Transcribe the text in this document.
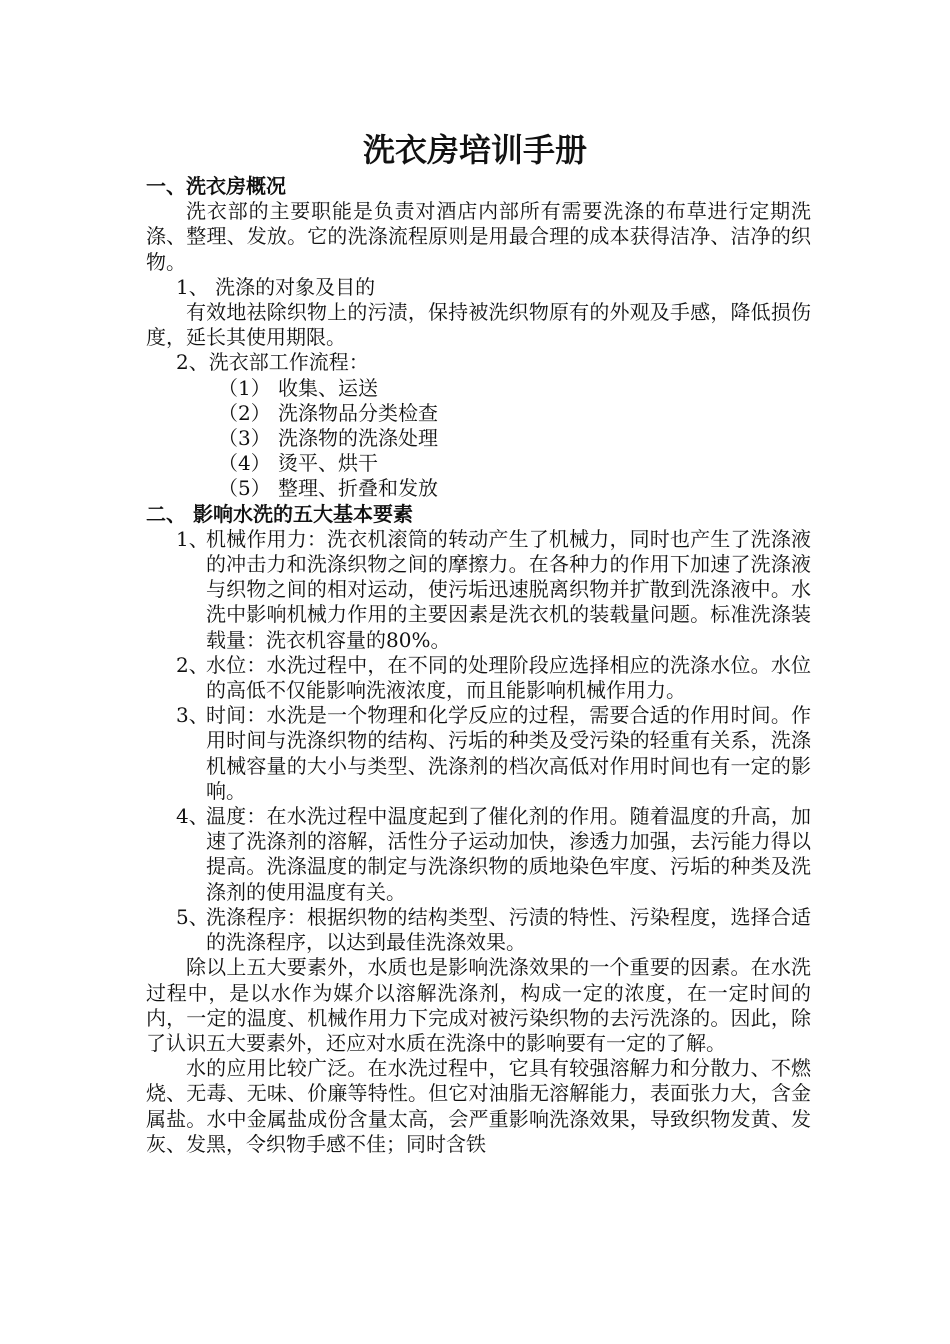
洗衣房培训手册
一、洗衣房概况

洗衣部的主要职能是负责对酒店内部所有需要洗涤的布草进行定期洗涤、整理、发放。它的洗涤流程原则是用最合理的成本获得洁净、洁净的织物。

1、 洗涤的对象及目的

有效地祛除织物上的污渍，保持被洗织物原有的外观及手感，降低损伤度，延长其使用期限。

2、洗衣部工作流程：
（1） 收集、运送
（2） 洗涤物品分类检查
（3） 洗涤物的洗涤处理
（4） 烫平、烘干
（5） 整理、折叠和发放
二、 影响水洗的五大基本要素
1、
机械作用力：洗衣机滚筒的转动产生了机械力，同时也产生了洗涤液的冲击力和洗涤织物之间的摩擦力。在各种力的作用下加速了洗涤液与织物之间的相对运动，使污垢迅速脱离织物并扩散到洗涤液中。水洗中影响机械力作用的主要因素是洗衣机的装载量问题。标准洗涤装载量：洗衣机容量的80%。
2、
水位：水洗过程中，在不同的处理阶段应选择相应的洗涤水位。水位的高低不仅能影响洗液浓度，而且能影响机械作用力。
3、
时间：水洗是一个物理和化学反应的过程，需要合适的作用时间。作用时间与洗涤织物的结构、污垢的种类及受污染的轻重有关系，洗涤机械容量的大小与类型、洗涤剂的档次高低对作用时间也有一定的影响。
4、
温度：在水洗过程中温度起到了催化剂的作用。随着温度的升高，加速了洗涤剂的溶解，活性分子运动加快，渗透力加强，去污能力得以提高。洗涤温度的制定与洗涤织物的质地染色牢度、污垢的种类及洗涤剂的使用温度有关。
5、
洗涤程序：根据织物的结构类型、污渍的特性、污染程度，选择合适的洗涤程序，以达到最佳洗涤效果。

除以上五大要素外，水质也是影响洗涤效果的一个重要的因素。在水洗过程中，是以水作为媒介以溶解洗涤剂，构成一定的浓度，在一定时间的内，一定的温度、机械作用力下完成对被污染织物的去污洗涤的。因此，除了认识五大要素外，还应对水质在洗涤中的影响要有一定的了解。

水的应用比较广泛。在水洗过程中，它具有较强溶解力和分散力、不燃烧、无毒、无味、价廉等特性。但它对油脂无溶解能力，表面张力大，含金属盐。水中金属盐成份含量太高，会严重影响洗涤效果，导致织物发黄、发灰、发黑，令织物手感不佳；同时含铁
